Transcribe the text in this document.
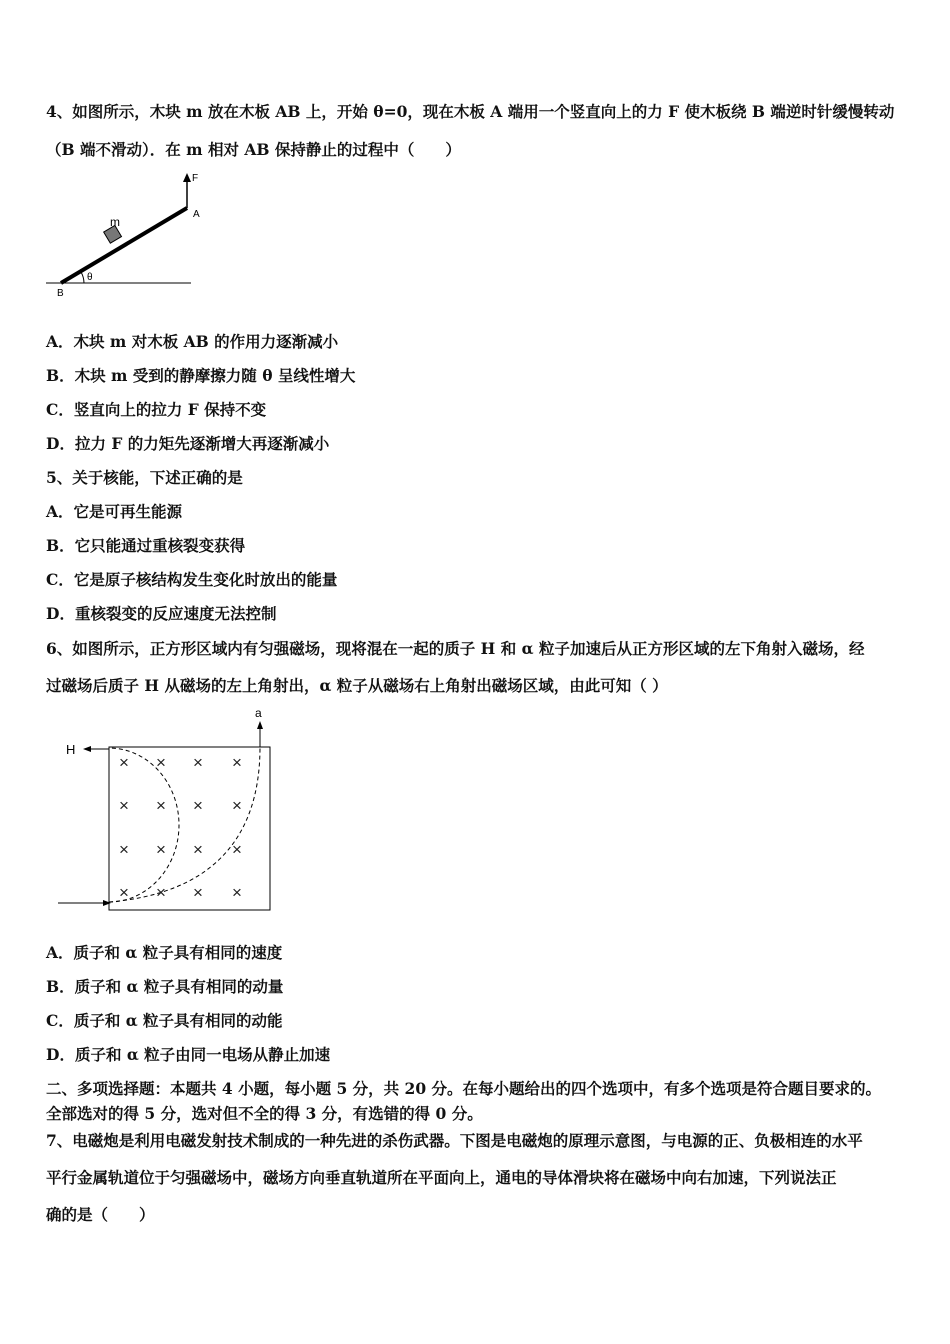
4、如图所示，木块 m 放在木板 AB 上，开始 θ=0，现在木板 A 端用一个竖直向上的力 F 使木板绕 B 端逆时针缓慢转动
（B 端不滑动）．在 m 相对 AB 保持静止的过程中（　　）
A
F
m
θ
B
A．木块 m 对木板 AB 的作用力逐渐减小
B．木块 m 受到的静摩擦力随 θ 呈线性增大
C．竖直向上的拉力 F 保持不变
D．拉力 F 的力矩先逐渐增大再逐渐减小
5、关于核能，下述正确的是
A．它是可再生能源
B．它只能通过重核裂变获得
C．它是原子核结构发生变化时放出的能量
D．重核裂变的反应速度无法控制
6、如图所示，正方形区域内有匀强磁场，现将混在一起的质子 H 和 α 粒子加速后从正方形区域的左下角射入磁场，经
过磁场后质子 H 从磁场的左上角射出，α 粒子从磁场右上角射出磁场区域，由此可知（ ）
H
a
× × × ×
× × × ×
× × × ×
× × × ×
A．质子和 α 粒子具有相同的速度
B．质子和 α 粒子具有相同的动量
C．质子和 α 粒子具有相同的动能
D．质子和 α 粒子由同一电场从静止加速
二、多项选择题：本题共 4 小题，每小题 5 分，共 20 分。在每小题给出的四个选项中，有多个选项是符合题目要求的。
全部选对的得 5 分，选对但不全的得 3 分，有选错的得 0 分。
7、电磁炮是利用电磁发射技术制成的一种先进的杀伤武器。下图是电磁炮的原理示意图，与电源的正、负极相连的水平
平行金属轨道位于匀强磁场中，磁场方向垂直轨道所在平面向上，通电的导体滑块将在磁场中向右加速，下列说法正
确的是（　　）
